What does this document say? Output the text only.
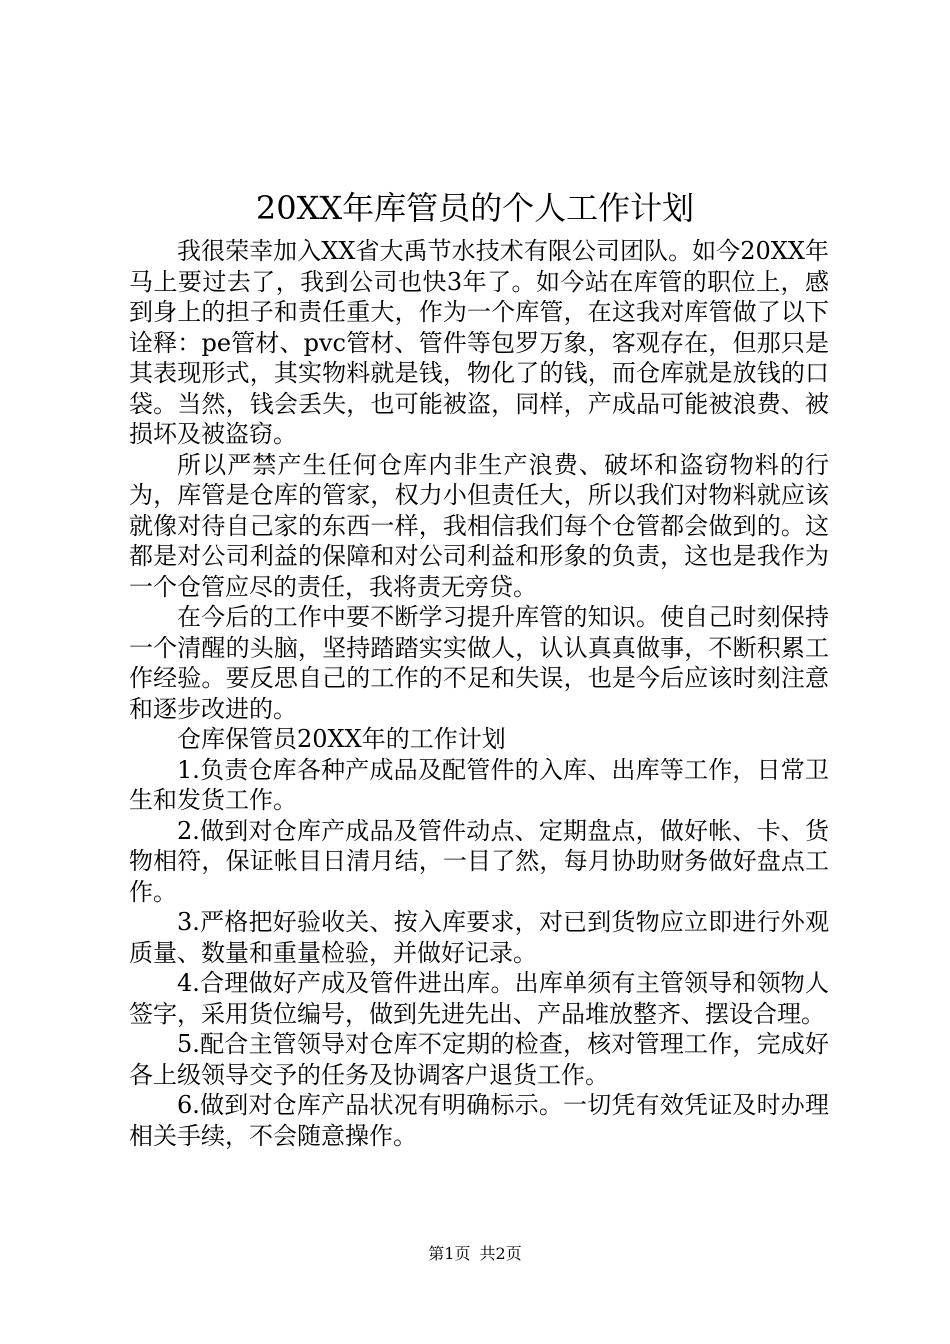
20XX年库管员的个人工作计划

我很荣幸加入XX省大禹节水技术有限公司团队。如今20XX年马上要过去了，我到公司也快3年了。如今站在库管的职位上，感到身上的担子和责任重大，作为一个库管，在这我对库管做了以下诠释：pe管材、pvc管材、管件等包罗万象，客观存在，但那只是其表现形式，其实物料就是钱，物化了的钱，而仓库就是放钱的口袋。当然，钱会丢失，也可能被盗，同样，产成品可能被浪费、被损坏及被盗窃。

所以严禁产生任何仓库内非生产浪费、破坏和盗窃物料的行为，库管是仓库的管家，权力小但责任大，所以我们对物料就应该就像对待自己家的东西一样，我相信我们每个仓管都会做到的。这都是对公司利益的保障和对公司利益和形象的负责，这也是我作为一个仓管应尽的责任，我将责无旁贷。

在今后的工作中要不断学习提升库管的知识。使自己时刻保持一个清醒的头脑，坚持踏踏实实做人，认认真真做事，不断积累工作经验。要反思自己的工作的不足和失误，也是今后应该时刻注意和逐步改进的。

仓库保管员20XX年的工作计划

1.负责仓库各种产成品及配管件的入库、出库等工作，日常卫生和发货工作。

2.做到对仓库产成品及管件动点、定期盘点，做好帐、卡、货物相符，保证帐目日清月结，一目了然，每月协助财务做好盘点工作。

3.严格把好验收关、按入库要求，对已到货物应立即进行外观质量、数量和重量检验，并做好记录。

4.合理做好产成及管件进出库。出库单须有主管领导和领物人签字，采用货位编号，做到先进先出、产品堆放整齐、摆设合理。

5.配合主管领导对仓库不定期的检查，核对管理工作，完成好各上级领导交予的任务及协调客户退货工作。

6.做到对仓库产品状况有明确标示。一切凭有效凭证及时办理相关手续，不会随意操作。

第1页 共2页
